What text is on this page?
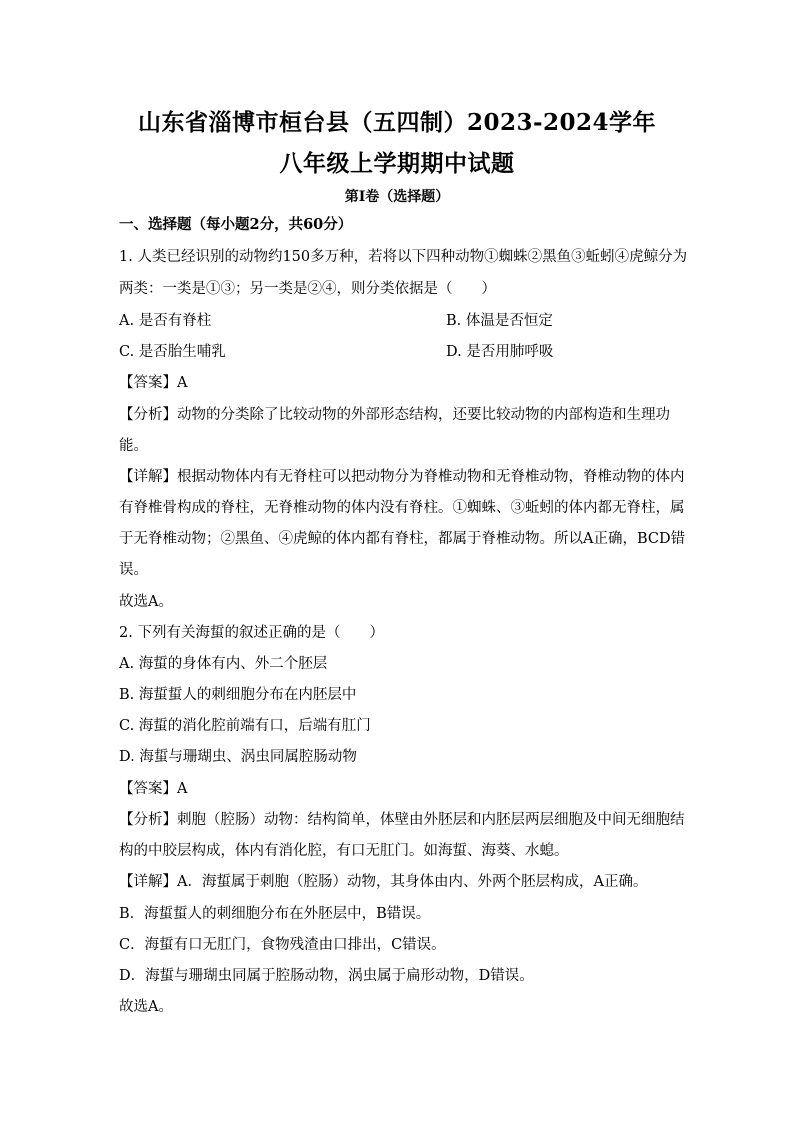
山东省淄博市桓台县（五四制）2023-2024学年
八年级上学期期中试题
第Ⅰ卷（选择题）
一、选择题（每小题2分，共60分）
1. 人类已经识别的动物约150多万种，若将以下四种动物①蜘蛛②黑鱼③蚯蚓④虎鲸分为
两类：一类是①③；另一类是②④，则分类依据是（　　）
A. 是否有脊柱	B. 体温是否恒定
C. 是否胎生哺乳	D. 是否用肺呼吸
【答案】A
【分析】动物的分类除了比较动物的外部形态结构，还要比较动物的内部构造和生理功
能。
【详解】根据动物体内有无脊柱可以把动物分为脊椎动物和无脊椎动物，脊椎动物的体内
有脊椎骨构成的脊柱，无脊椎动物的体内没有脊柱。①蜘蛛、③蚯蚓的体内都无脊柱，属
于无脊椎动物；②黑鱼、④虎鲸的体内都有脊柱，都属于脊椎动物。所以A正确，BCD错
误。
故选A。
2. 下列有关海蜇的叙述正确的是（　　）
A. 海蜇的身体有内、外二个胚层
B. 海蜇蜇人的刺细胞分布在内胚层中
C. 海蜇的消化腔前端有口，后端有肛门
D. 海蜇与珊瑚虫、涡虫同属腔肠动物
【答案】A
【分析】刺胞（腔肠）动物：结构简单，体壁由外胚层和内胚层两层细胞及中间无细胞结
构的中胶层构成，体内有消化腔，有口无肛门。如海蜇、海葵、水螅。
【详解】A．海蜇属于刺胞（腔肠）动物，其身体由内、外两个胚层构成，A正确。
B．海蜇蜇人的刺细胞分布在外胚层中，B错误。
C．海蜇有口无肛门，食物残渣由口排出，C错误。
D．海蜇与珊瑚虫同属于腔肠动物，涡虫属于扁形动物，D错误。
故选A。
